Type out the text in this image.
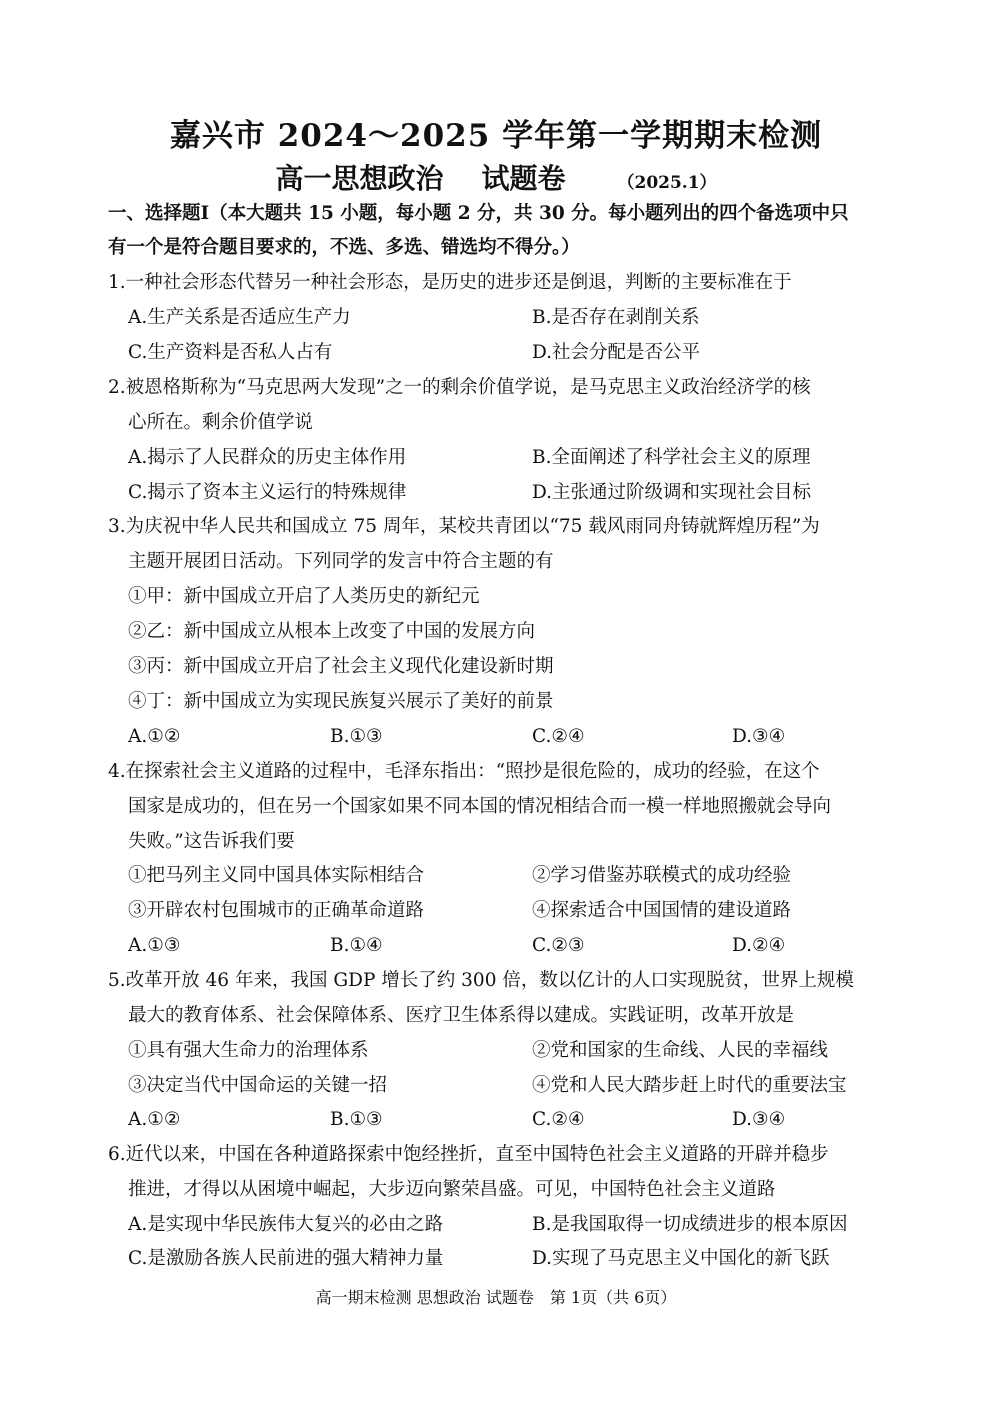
嘉兴市 2024～2025 学年第一学期期末检测
高一思想政治 试题卷	（2025.1）
一、选择题Ⅰ（本大题共 15 小题，每小题 2 分，共 30 分。每小题列出的四个备选项中只
有一个是符合题目要求的，不选、多选、错选均不得分。）
1.一种社会形态代替另一种社会形态，是历史的进步还是倒退，判断的主要标准在于
A.生产关系是否适应生产力	B.是否存在剥削关系
C.生产资料是否私人占有	D.社会分配是否公平
2.被恩格斯称为“马克思两大发现”之一的剩余价值学说，是马克思主义政治经济学的核
心所在。剩余价值学说
A.揭示了人民群众的历史主体作用	B.全面阐述了科学社会主义的原理
C.揭示了资本主义运行的特殊规律	D.主张通过阶级调和实现社会目标
3.为庆祝中华人民共和国成立 75 周年，某校共青团以“75 载风雨同舟铸就辉煌历程”为
主题开展团日活动。下列同学的发言中符合主题的有
①甲：新中国成立开启了人类历史的新纪元
②乙：新中国成立从根本上改变了中国的发展方向
③丙：新中国成立开启了社会主义现代化建设新时期
④丁：新中国成立为实现民族复兴展示了美好的前景
A.①②	B.①③	C.②④	D.③④
4.在探索社会主义道路的过程中，毛泽东指出：“照抄是很危险的，成功的经验，在这个
国家是成功的，但在另一个国家如果不同本国的情况相结合而一模一样地照搬就会导向
失败。”这告诉我们要
①把马列主义同中国具体实际相结合	②学习借鉴苏联模式的成功经验
③开辟农村包围城市的正确革命道路	④探索适合中国国情的建设道路
A.①③	B.①④	C.②③	D.②④
5.改革开放 46 年来，我国 GDP 增长了约 300 倍，数以亿计的人口实现脱贫，世界上规模
最大的教育体系、社会保障体系、医疗卫生体系得以建成。实践证明，改革开放是
①具有强大生命力的治理体系	②党和国家的生命线、人民的幸福线
③决定当代中国命运的关键一招	④党和人民大踏步赶上时代的重要法宝
A.①②	B.①③	C.②④	D.③④
6.近代以来，中国在各种道路探索中饱经挫折，直至中国特色社会主义道路的开辟并稳步
推进，才得以从困境中崛起，大步迈向繁荣昌盛。可见，中国特色社会主义道路
A.是实现中华民族伟大复兴的必由之路	B.是我国取得一切成绩进步的根本原因
C.是激励各族人民前进的强大精神力量	D.实现了马克思主义中国化的新飞跃
高一期末检测 思想政治 试题卷　第 1页（共 6页）
